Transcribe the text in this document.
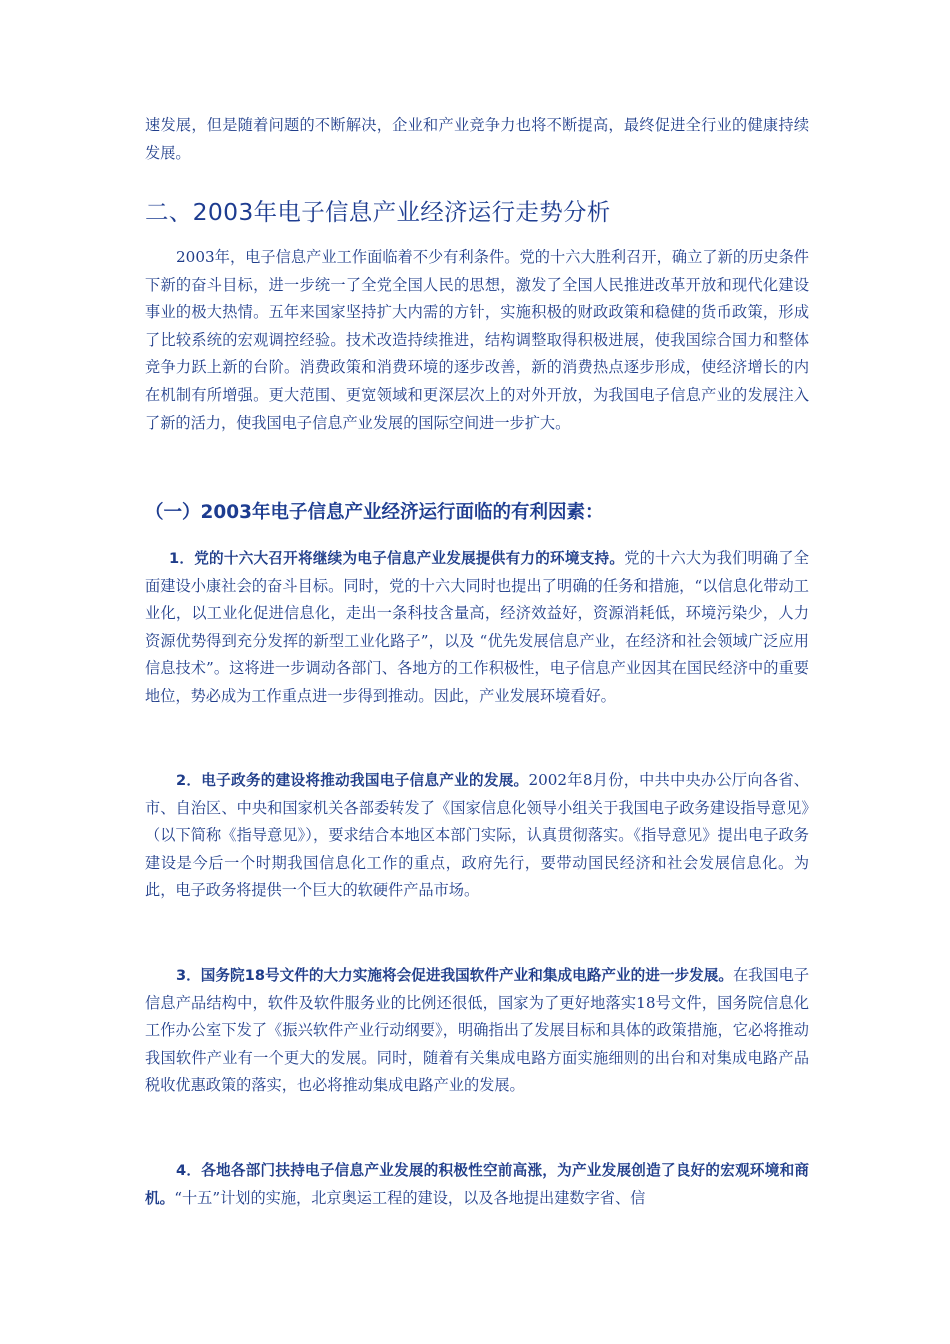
速发展，但是随着问题的不断解决，企业和产业竞争力也将不断提高，最终促进全行业的健康持续发展。

二、2003年电子信息产业经济运行走势分析

2003年，电子信息产业工作面临着不少有利条件。党的十六大胜利召开，确立了新的历史条件下新的奋斗目标，进一步统一了全党全国人民的思想，激发了全国人民推进改革开放和现代化建设事业的极大热情。五年来国家坚持扩大内需的方针，实施积极的财政政策和稳健的货币政策，形成了比较系统的宏观调控经验。技术改造持续推进，结构调整取得积极进展，使我国综合国力和整体竞争力跃上新的台阶。消费政策和消费环境的逐步改善，新的消费热点逐步形成，使经济增长的内在机制有所增强。更大范围、更宽领域和更深层次上的对外开放，为我国电子信息产业的发展注入了新的活力，使我国电子信息产业发展的国际空间进一步扩大。

（一）2003年电子信息产业经济运行面临的有利因素：

1．党的十六大召开将继续为电子信息产业发展提供有力的环境支持。党的十六大为我们明确了全面建设小康社会的奋斗目标。同时，党的十六大同时也提出了明确的任务和措施，“以信息化带动工业化，以工业化促进信息化，走出一条科技含量高，经济效益好，资源消耗低，环境污染少，人力资源优势得到充分发挥的新型工业化路子”，以及 “优先发展信息产业，在经济和社会领域广泛应用信息技术”。这将进一步调动各部门、各地方的工作积极性，电子信息产业因其在国民经济中的重要地位，势必成为工作重点进一步得到推动。因此，产业发展环境看好。

2．电子政务的建设将推动我国电子信息产业的发展。2002年8月份，中共中央办公厅向各省、市、自治区、中央和国家机关各部委转发了《国家信息化领导小组关于我国电子政务建设指导意见》（以下简称《指导意见》），要求结合本地区本部门实际，认真贯彻落实。《指导意见》提出电子政务建设是今后一个时期我国信息化工作的重点，政府先行，要带动国民经济和社会发展信息化。为此，电子政务将提供一个巨大的软硬件产品市场。

3．国务院18号文件的大力实施将会促进我国软件产业和集成电路产业的进一步发展。在我国电子信息产品结构中，软件及软件服务业的比例还很低，国家为了更好地落实18号文件，国务院信息化工作办公室下发了《振兴软件产业行动纲要》，明确指出了发展目标和具体的政策措施，它必将推动我国软件产业有一个更大的发展。同时，随着有关集成电路方面实施细则的出台和对集成电路产品税收优惠政策的落实，也必将推动集成电路产业的发展。

4．各地各部门扶持电子信息产业发展的积极性空前高涨，为产业发展创造了良好的宏观环境和商机。“十五”计划的实施，北京奥运工程的建设，以及各地提出建数字省、信
